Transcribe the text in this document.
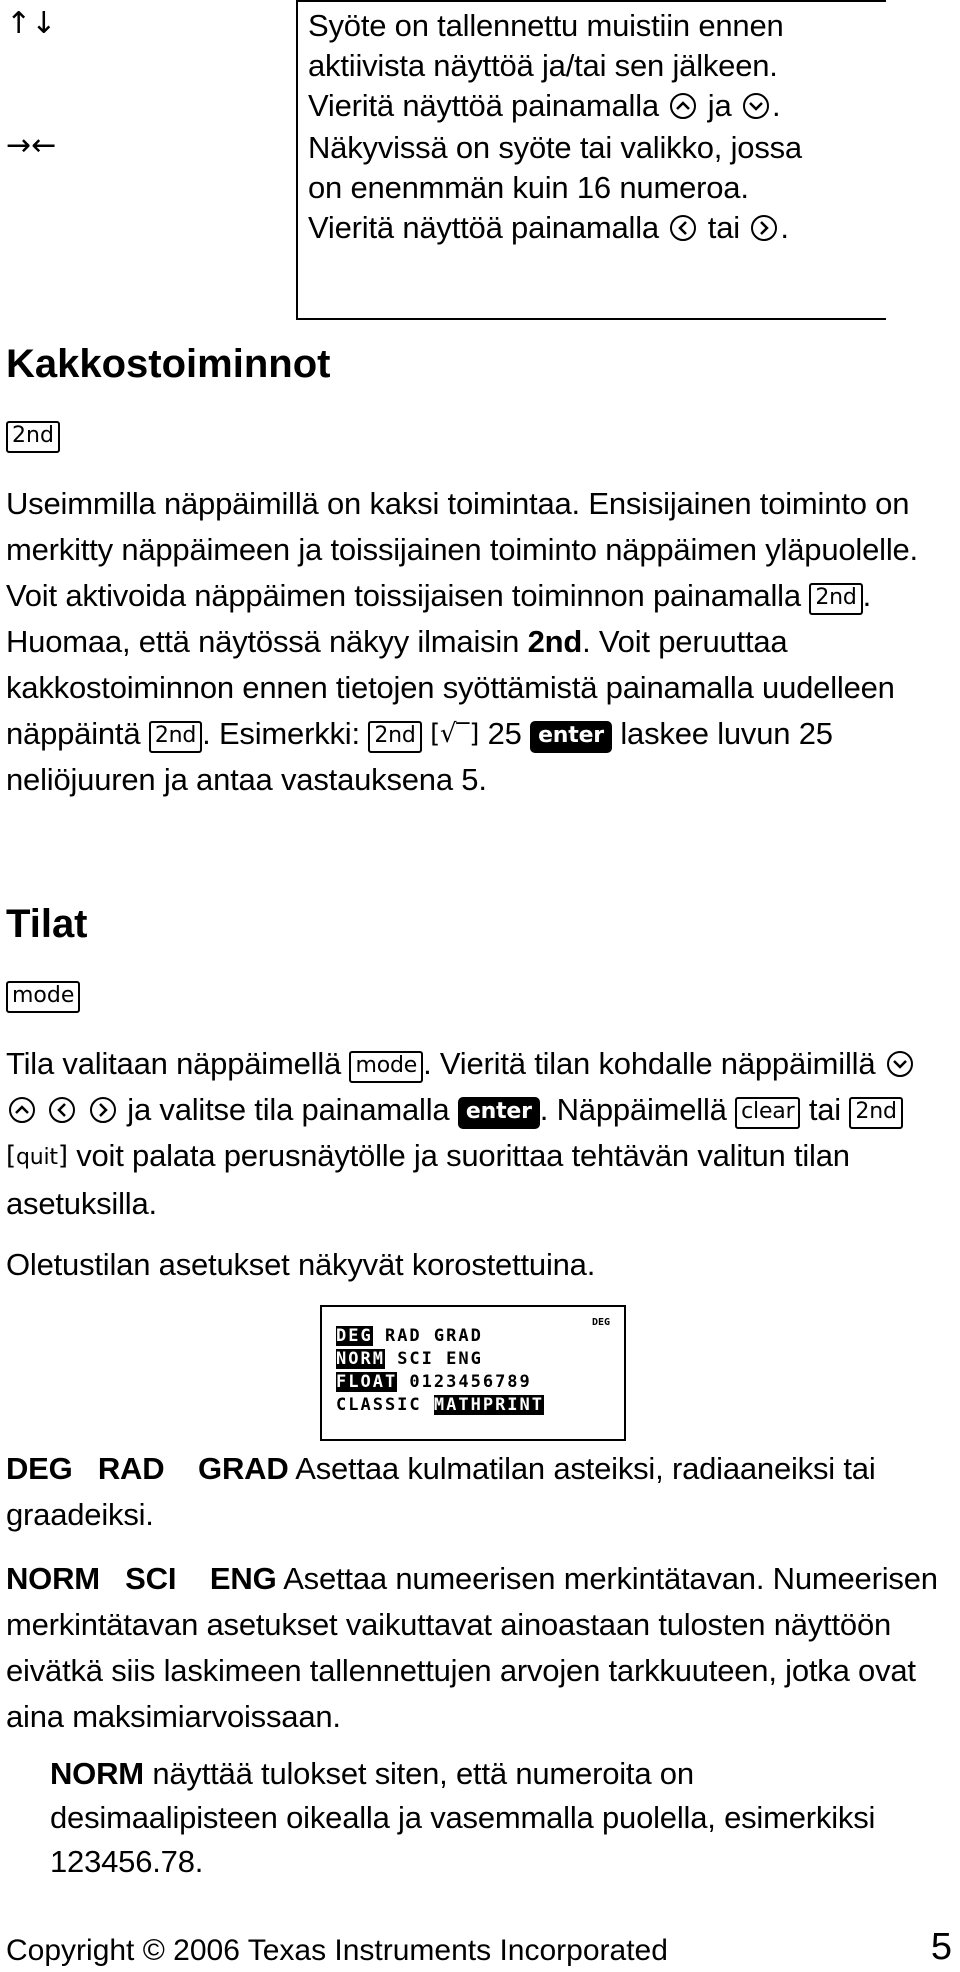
↑↓	Syöte on tallennettu muistiin ennen

aktiivista näyttöä ja/tai sen jälkeen.

Vieritä näyttöä painamalla ja .

→←	Näkyvissä on syöte tai valikko, jossa

on enenmmän kuin 16 numeroa.

Vieritä näyttöä painamalla tai .

Kakkostoiminnot
2nd

Useimmilla näppäimillä on kaksi toimintaa. Ensisijainen toiminto on merkitty näppäimeen ja toissijainen toiminto näppäimen yläpuolelle. Voit aktivoida näppäimen toissijaisen toiminnon painamalla 2nd . Huomaa, että näytössä näkyy ilmaisin 2nd. Voit peruuttaa kakkostoiminnon ennen tietojen syöttämistä painamalla uudelleen näppäintä 2nd . Esimerkki: 2nd [√‾] 25 enter laskee luvun 25 neliöjuuren ja antaa vastauksena 5.

Tilat
mode

Tila valitaan näppäimellä mode . Vieritä tilan kohdalle näppäimillä

ja valitse tila painamalla enter . Näppäimellä clear tai 2nd[quit] voit palata perusnäytölle ja suorittaa tehtävän valitun tilan asetuksilla.

Oletustilan asetukset näkyvät korostettuina.

DEG
DEG RAD GRAD
NORM SCI ENG
FLOAT 0123456789
CLASSIC MATHPRINT

DEG RAD GRAD Asettaa kulmatilan asteiksi, radiaaneiksi tai graadeiksi.

NORM SCI ENG Asettaa numeerisen merkintätavan. Numeerisen merkintätavan asetukset vaikuttavat ainoastaan tulosten näyttöön eivätkä siis laskimeen tallennettujen arvojen tarkkuuteen, jotka ovat aina maksimiarvoissaan.

NORM näyttää tulokset siten, että numeroita on desimaalipisteen oikealla ja vasemmalla puolella, esimerkiksi 123456.78.

Copyright © 2006 Texas Instruments Incorporated	5
